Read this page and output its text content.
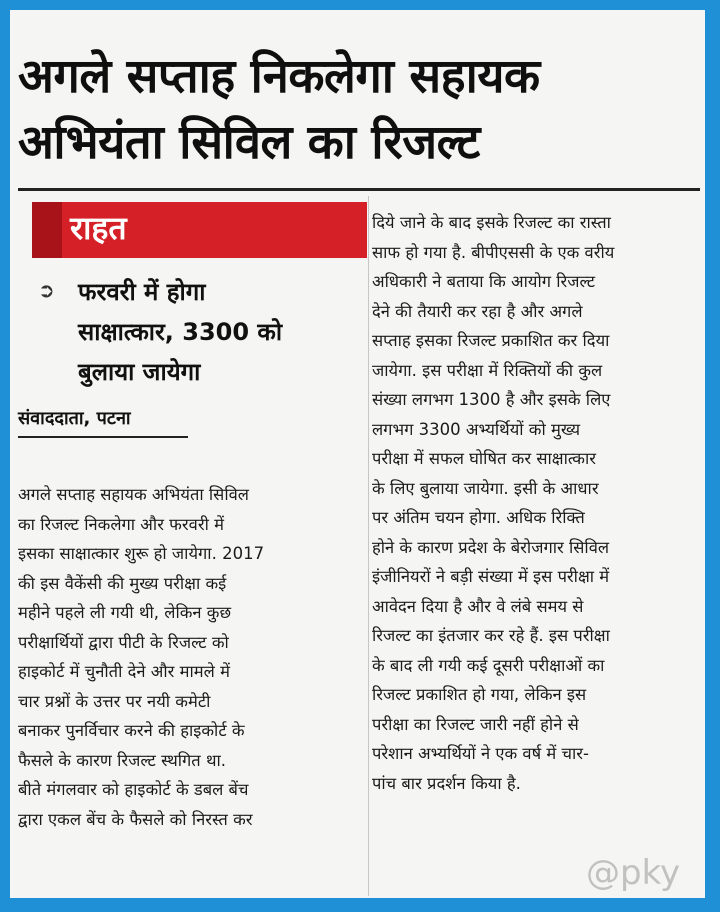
अगले सप्ताह निकलेगा सहायक
अभियंता सिविल का रिजल्ट
राहत
➲ फरवरी में होगा
साक्षात्कार, 3300 को
बुलाया जायेगा
संवाददाता, पटना
अगले सप्ताह सहायक अभियंता सिविल
का रिजल्ट निकलेगा और फरवरी में
इसका साक्षात्कार शुरू हो जायेगा. 2017
की इस वैकेंसी की मुख्य परीक्षा कई
महीने पहले ली गयी थी, लेकिन कुछ
परीक्षार्थियों द्वारा पीटी के रिजल्ट को
हाइकोर्ट में चुनौती देने और मामले में
चार प्रश्नों के उत्तर पर नयी कमेटी
बनाकर पुनर्विचार करने की हाइकोर्ट के
फैसले के कारण रिजल्ट स्थगित था.
बीते मंगलवार को हाइकोर्ट के डबल बेंच
द्वारा एकल बेंच के फैसले को निरस्त कर
दिये जाने के बाद इसके रिजल्ट का रास्ता
साफ हो गया है. बीपीएससी के एक वरीय
अधिकारी ने बताया कि आयोग रिजल्ट
देने की तैयारी कर रहा है और अगले
सप्ताह इसका रिजल्ट प्रकाशित कर दिया
जायेगा. इस परीक्षा में रिक्तियों की कुल
संख्या लगभग 1300 है और इसके लिए
लगभग 3300 अभ्यर्थियों को मुख्य
परीक्षा में सफल घोषित कर साक्षात्कार
के लिए बुलाया जायेगा. इसी के आधार
पर अंतिम चयन होगा. अधिक रिक्ति
होने के कारण प्रदेश के बेरोजगार सिविल
इंजीनियरों ने बड़ी संख्या में इस परीक्षा में
आवेदन दिया है और वे लंबे समय से
रिजल्ट का इंतजार कर रहे हैं. इस परीक्षा
के बाद ली गयी कई दूसरी परीक्षाओं का
रिजल्ट प्रकाशित हो गया, लेकिन इस
परीक्षा का रिजल्ट जारी नहीं होने से
परेशान अभ्यर्थियों ने एक वर्ष में चार-
पांच बार प्रदर्शन किया है.
@pky
